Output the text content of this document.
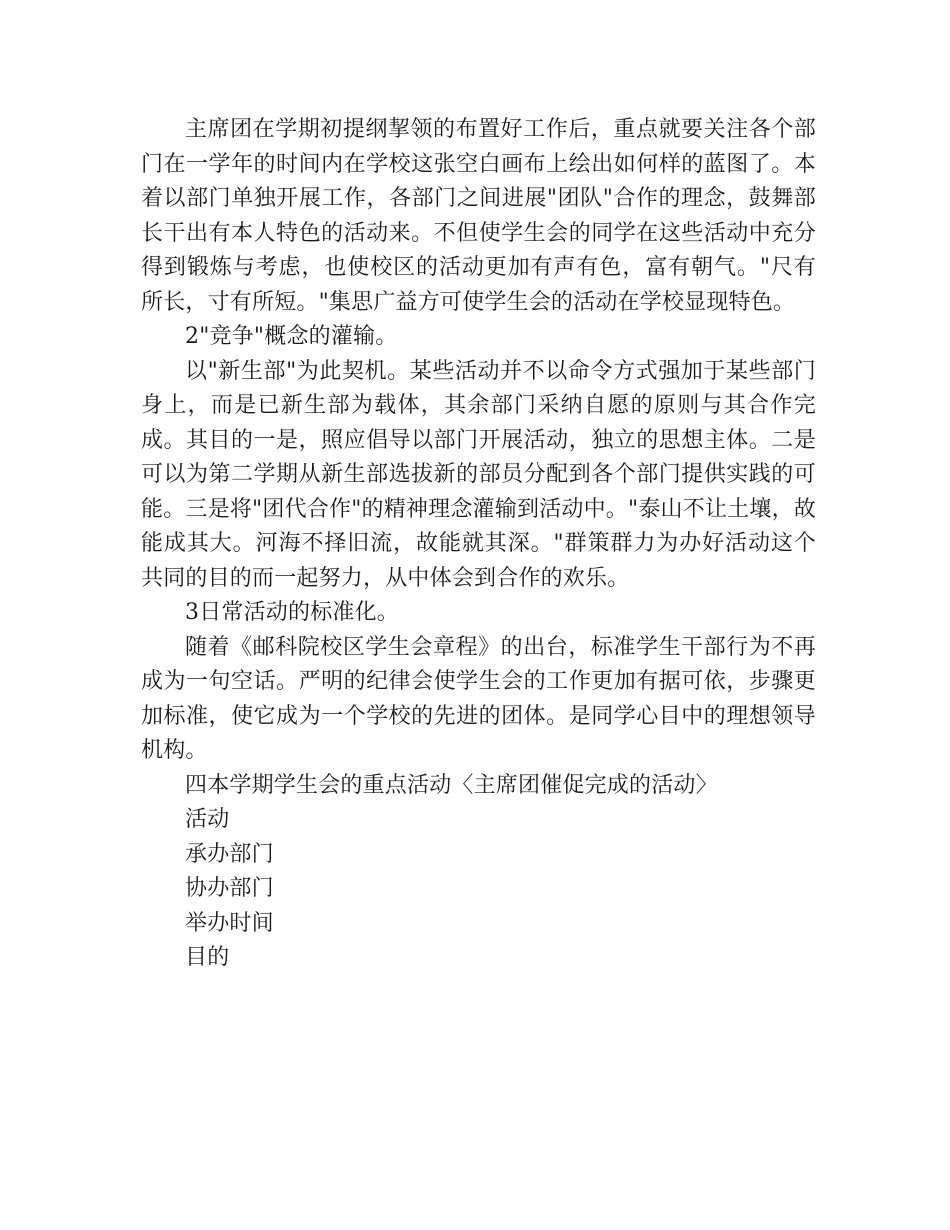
主席团在学期初提纲挈领的布置好工作后，重点就要关注各个部门在一学年的时间内在学校这张空白画布上绘出如何样的蓝图了。本着以部门单独开展工作，各部门之间进展"团队"合作的理念，鼓舞部长干出有本人特色的活动来。不但使学生会的同学在这些活动中充分得到锻炼与考虑，也使校区的活动更加有声有色，富有朝气。"尺有所长，寸有所短。"集思广益方可使学生会的活动在学校显现特色。

2"竞争"概念的灌输。

以"新生部"为此契机。某些活动并不以命令方式强加于某些部门身上，而是已新生部为载体，其余部门采纳自愿的原则与其合作完成。其目的一是，照应倡导以部门开展活动，独立的思想主体。二是可以为第二学期从新生部选拔新的部员分配到各个部门提供实践的可能。三是将"团代合作"的精神理念灌输到活动中。"泰山不让土壤，故能成其大。河海不择旧流，故能就其深。"群策群力为办好活动这个共同的目的而一起努力，从中体会到合作的欢乐。

3日常活动的标准化。

随着《邮科院校区学生会章程》的出台，标准学生干部行为不再成为一句空话。严明的纪律会使学生会的工作更加有据可依，步骤更加标准，使它成为一个学校的先进的团体。是同学心目中的理想领导机构。

四本学期学生会的重点活动〈主席团催促完成的活动〉

活动

承办部门

协办部门

举办时间

目的
